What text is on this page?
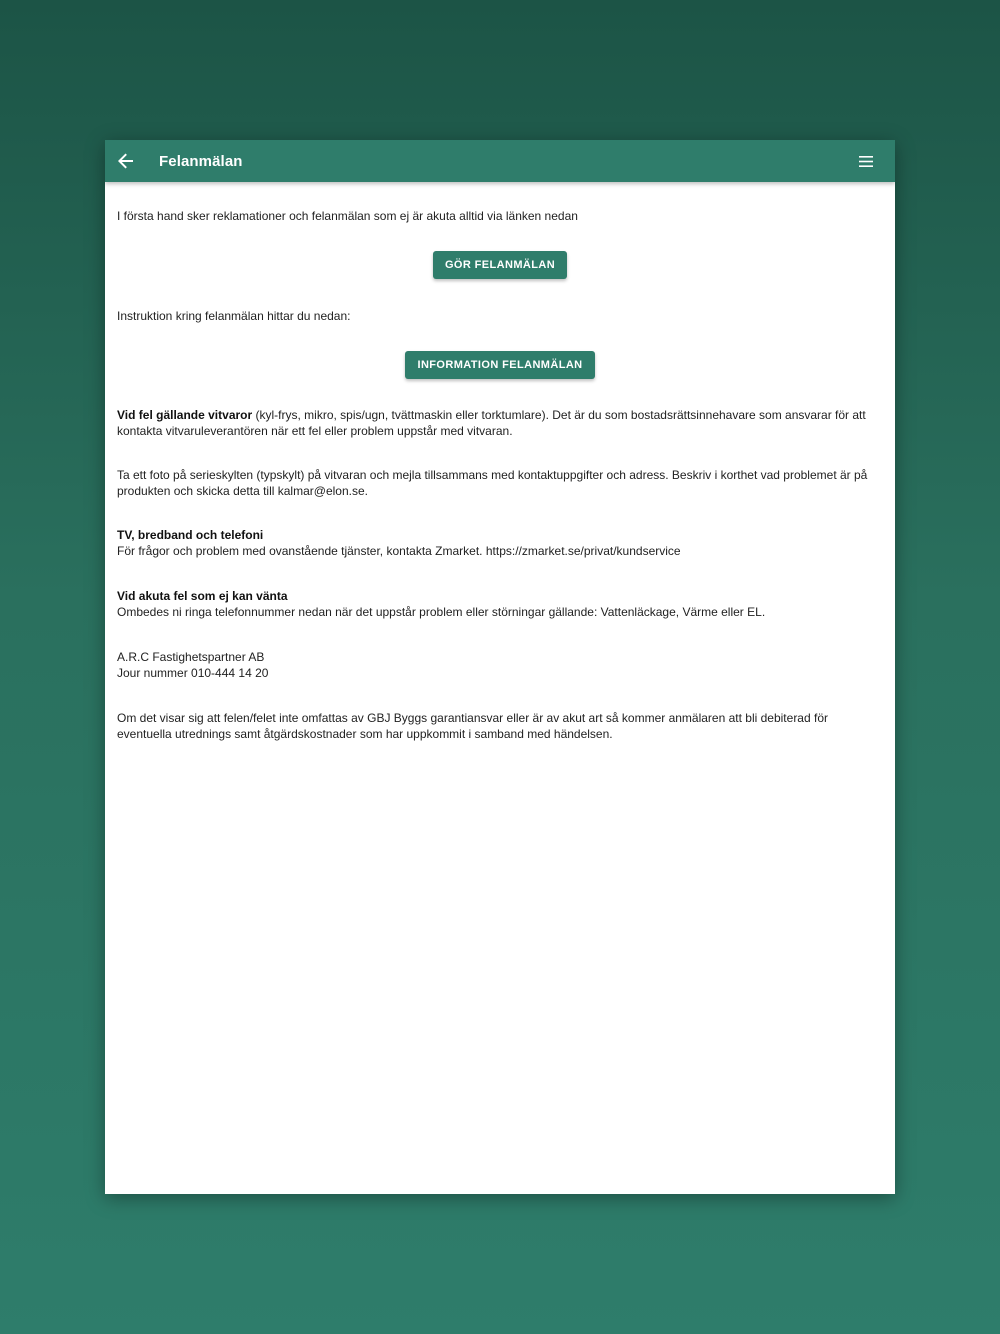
Felanmälan

I första hand sker reklamationer och felanmälan som ej är akuta alltid via länken nedan

GÖR FELANMÄLAN

Instruktion kring felanmälan hittar du nedan:

INFORMATION FELANMÄLAN

Vid fel gällande vitvaror (kyl-frys, mikro, spis/ugn, tvättmaskin eller torktumlare). Det är du som bostadsrättsinnehavare som ansvarar för att kontakta vitvaruleverantören när ett fel eller problem uppstår med vitvaran.

Ta ett foto på serieskylten (typskylt) på vitvaran och mejla tillsammans med kontaktuppgifter och adress. Beskriv i korthet vad problemet är på produkten och skicka detta till kalmar@elon.se.

TV, bredband och telefoni

För frågor och problem med ovanstående tjänster, kontakta Zmarket. https://zmarket.se/privat/kundservice

Vid akuta fel som ej kan vänta

Ombedes ni ringa telefonnummer nedan när det uppstår problem eller störningar gällande: Vattenläckage, Värme eller EL.

A.R.C Fastighetspartner AB

Jour nummer 010-444 14 20

Om det visar sig att felen/felet inte omfattas av GBJ Byggs garantiansvar eller är av akut art så kommer anmälaren att bli debiterad för eventuella utrednings samt åtgärdskostnader som har uppkommit i samband med händelsen.
